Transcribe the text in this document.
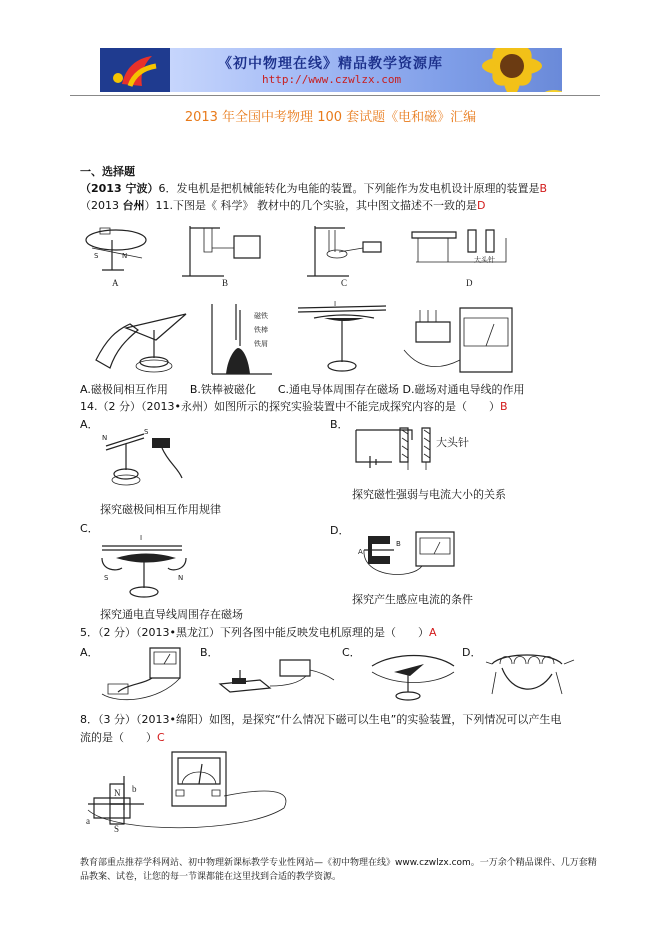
《初中物理在线》精品教学资源库
http://www.czwlzx.com
2013 年全国中考物理 100 套试题《电和磁》汇编
一、选择题
（2013 宁波）6．发电机是把机械能转化为电能的装置。下列能作为发电机设计原理的装置是B
（2013 台州）11.下图是《 科学》 教材中的几个实验，其中图文描述不一致的是D
S	N
A	B	C
大头针
D
磁铁
铁棒
铁屑
I
A.磁极间相互作用　　B.铁棒被磁化　　C.通电导体周围存在磁场 D.磁场对通电导线的作用
14.（2 分）（2013•永州）如图所示的探究实验装置中不能完成探究内容的是（　　）B
A．
N
S
探究磁极间相互作用规律
B．
大头针
探究磁性强弱与电流大小的关系
C．
I
S	N
探究通电直导线周围存在磁场
D．
A
B
探究产生感应电流的条件
5．（2 分）（2013•黑龙江）下列各图中能反映发电机原理的是（　　）A
A．	B．	C．	D．
8．（3 分）（2013•绵阳）如图，是探究“什么情况下磁可以生电”的实验装置，下列情况可以产生电
流的是（　　）C
N
S
b
a
教育部重点推荐学科网站、初中物理新课标教学专业性网站—《初中物理在线》www.czwlzx.com。一万余个精品课件、几万套精品教案、试卷，让您的每一节课都能在这里找到合适的教学资源。
